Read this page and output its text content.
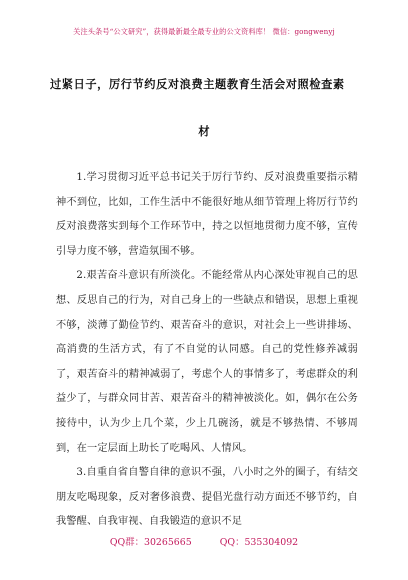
关注头条号“公文研究”，获得最新最全最专业的公文资料库！ 微信：gongwenyj
过紧日子，厉行节约反对浪费主题教育生活会对照检查素
材

1.学习贯彻习近平总书记关于厉行节约、反对浪费重要指示精神不到位，比如，工作生活中不能很好地从细节管理上将厉行节约反对浪费落实到每个工作环节中，持之以恒地贯彻力度不够，宣传引导力度不够，营造氛围不够。

2.艰苦奋斗意识有所淡化。不能经常从内心深处审视自己的思想、反思自己的行为，对自己身上的一些缺点和错误，思想上重视不够，淡薄了勤俭节约、艰苦奋斗的意识，对社会上一些讲排场、高消费的生活方式，有了不自觉的认同感。自己的党性修养减弱了，艰苦奋斗的精神减弱了，考虑个人的事情多了，考虑群众的利益少了，与群众同甘苦、艰苦奋斗的精神被淡化。如，偶尔在公务接待中，认为少上几个菜，少上几碗汤，就是不够热情、不够周到，在一定层面上助长了吃喝风、人情风。

3.自重自省自警自律的意识不强，八小时之外的圈子，有结交朋友吃喝现象，反对奢侈浪费、提倡光盘行动方面还不够节约，自我警醒、自我审视、自我锻造的意识不足

QQ群：30265665	QQ：535304092
